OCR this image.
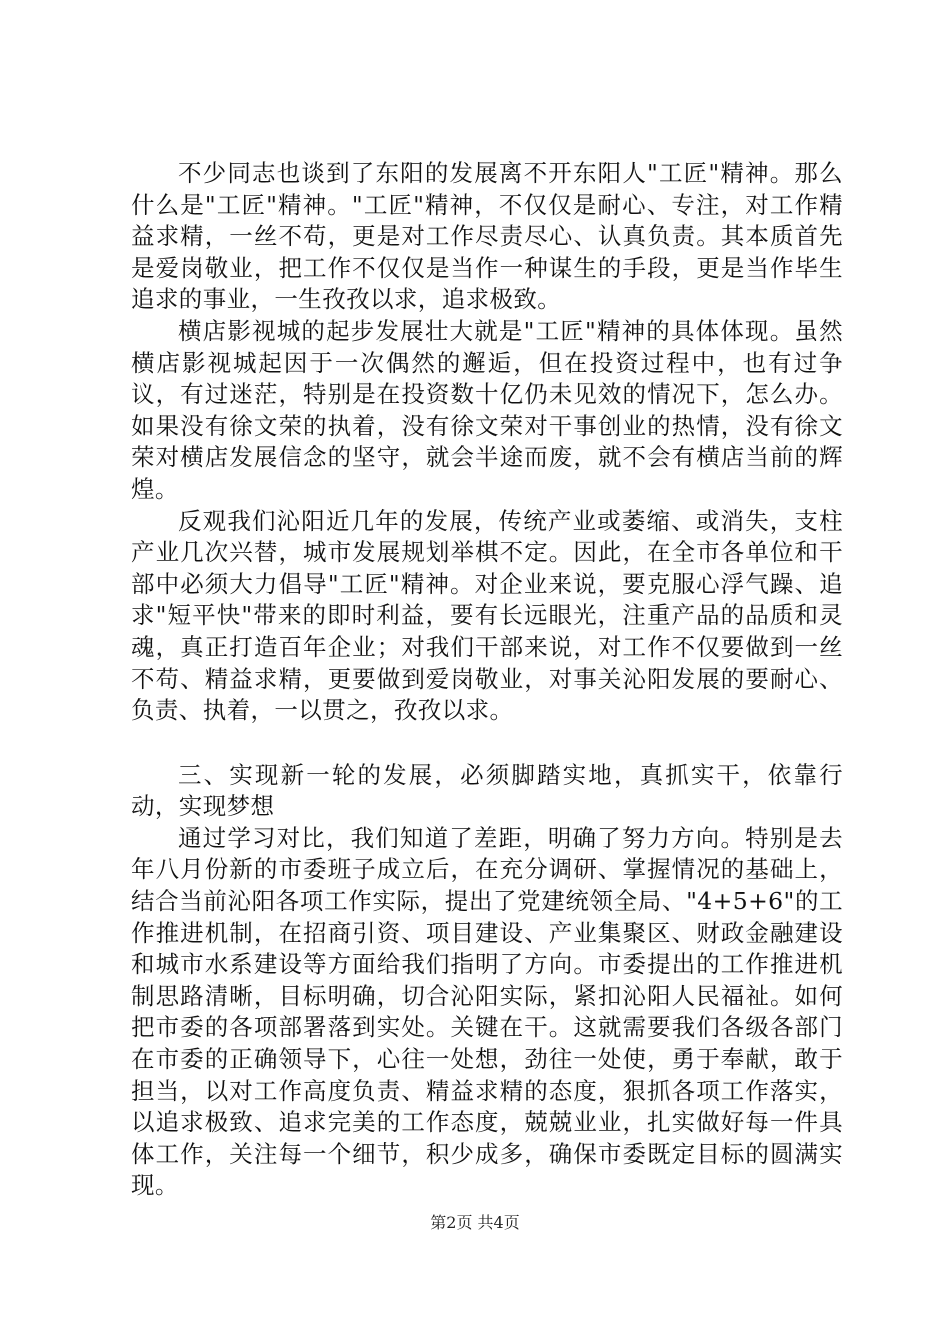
不少同志也谈到了东阳的发展离不开东阳人"工匠"精神。那么什么是"工匠"精神。"工匠"精神，不仅仅是耐心、专注，对工作精益求精，一丝不苟，更是对工作尽责尽心、认真负责。其本质首先是爱岗敬业，把工作不仅仅是当作一种谋生的手段，更是当作毕生追求的事业，一生孜孜以求，追求极致。

横店影视城的起步发展壮大就是"工匠"精神的具体体现。虽然横店影视城起因于一次偶然的邂逅，但在投资过程中，也有过争议，有过迷茫，特别是在投资数十亿仍未见效的情况下，怎么办。如果没有徐文荣的执着，没有徐文荣对干事创业的热情，没有徐文荣对横店发展信念的坚守，就会半途而废，就不会有横店当前的辉煌。

反观我们沁阳近几年的发展，传统产业或萎缩、或消失，支柱产业几次兴替，城市发展规划举棋不定。因此，在全市各单位和干部中必须大力倡导"工匠"精神。对企业来说，要克服心浮气躁、追求"短平快"带来的即时利益，要有长远眼光，注重产品的品质和灵魂，真正打造百年企业；对我们干部来说，对工作不仅要做到一丝不苟、精益求精，更要做到爱岗敬业，对事关沁阳发展的要耐心、负责、执着，一以贯之，孜孜以求。

三、实现新一轮的发展，必须脚踏实地，真抓实干，依靠行动，实现梦想

通过学习对比，我们知道了差距，明确了努力方向。特别是去年八月份新的市委班子成立后，在充分调研、掌握情况的基础上，结合当前沁阳各项工作实际，提出了党建统领全局、"4+5+6"的工作推进机制，在招商引资、项目建设、产业集聚区、财政金融建设和城市水系建设等方面给我们指明了方向。市委提出的工作推进机制思路清晰，目标明确，切合沁阳实际，紧扣沁阳人民福祉。如何把市委的各项部署落到实处。关键在干。这就需要我们各级各部门在市委的正确领导下，心往一处想，劲往一处使，勇于奉献，敢于担当，以对工作高度负责、精益求精的态度，狠抓各项工作落实，以追求极致、追求完美的工作态度，兢兢业业，扎实做好每一件具体工作，关注每一个细节，积少成多，确保市委既定目标的圆满实现。

第2页 共4页
